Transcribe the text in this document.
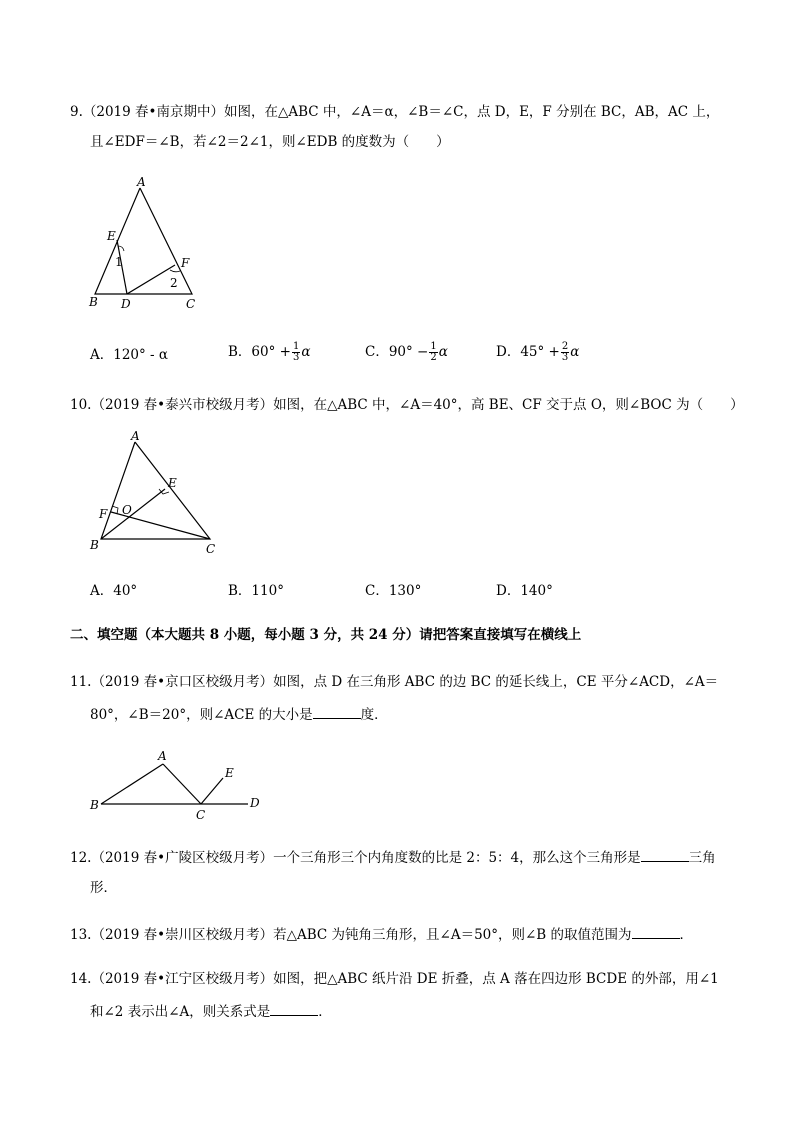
9.（2019 春•南京期中）如图，在△ABC 中，∠A＝α，∠B＝∠C，点 D，E，F 分别在 BC，AB，AC 上，
且∠EDF＝∠B，若∠2＝2∠1，则∠EDB 的度数为（　　）
A
E
1	F
2
B D	C
A．120° - α	B．$60^\circ + \frac{1}{3}$ α	C．$90^\circ - \frac{1}{2}$ α	D．$45^\circ + \frac{2}{3}$ α
10.（2019 春•泰兴市校级月考）如图，在△ABC 中，∠A＝40°，高 BE、CF 交于点 O，则∠BOC 为（　　）
A
E
F O
B	C
A．40°	B．110°	C．130°	D．140°
二、填空题（本大题共 8 小题，每小题 3 分，共 24 分）请把答案直接填写在横线上
11.（2019 春•京口区校级月考）如图，点 D 在三角形 ABC 的边 BC 的延长线上，CE 平分∠ACD，∠A＝
80°，∠B＝20°，则∠ACE 的大小是	度．
A
E
B
C
D
12.（2019 春•广陵区校级月考）一个三角形三个内角度数的比是 2：5：4，那么这个三角形是	三角
形．
13.（2019 春•崇川区校级月考）若△ABC 为钝角三角形，且∠A＝50°，则∠B 的取值范围为	．
14.（2019 春•江宁区校级月考）如图，把△ABC 纸片沿 DE 折叠，点 A 落在四边形 BCDE 的外部，用∠1
和∠2 表示出∠A，则关系式是	．
